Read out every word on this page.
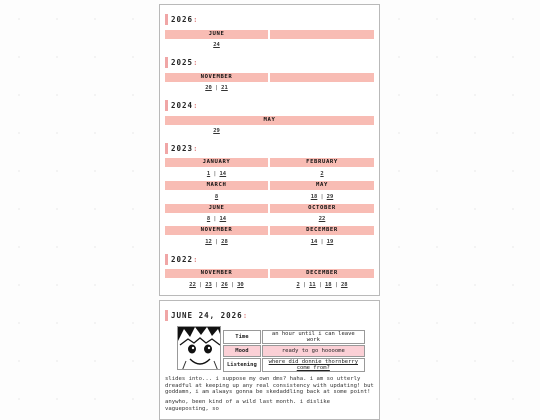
2026 :
JUNE
24
2025 :
NOVEMBER
20 | 21
2024 :
MAY
29
2023 :
JANUARY	FEBRUARY
1 | 14	2
MARCH	MAY
8	18 | 29
JUNE	OCTOBER
8 | 14	22
NOVEMBER	DECEMBER
12 | 28	14 | 19
2022 :
NOVEMBER	DECEMBER
22 | 23 | 26 | 30	2 | 11 | 18 | 28
JUNE 24, 2026 :
Time	an hour until i can leave work
Mood	ready to go hoooome
Listening	where did donnie thornberry come from?
slides into... i suppose my own dms? haha. i am so utterly dreadful at keeping up any real consistency with updating! but goddamn, i am always gonna be skedaddling back at some point!
anywho, been kind of a wild last month. i dislike vagueposting, so
